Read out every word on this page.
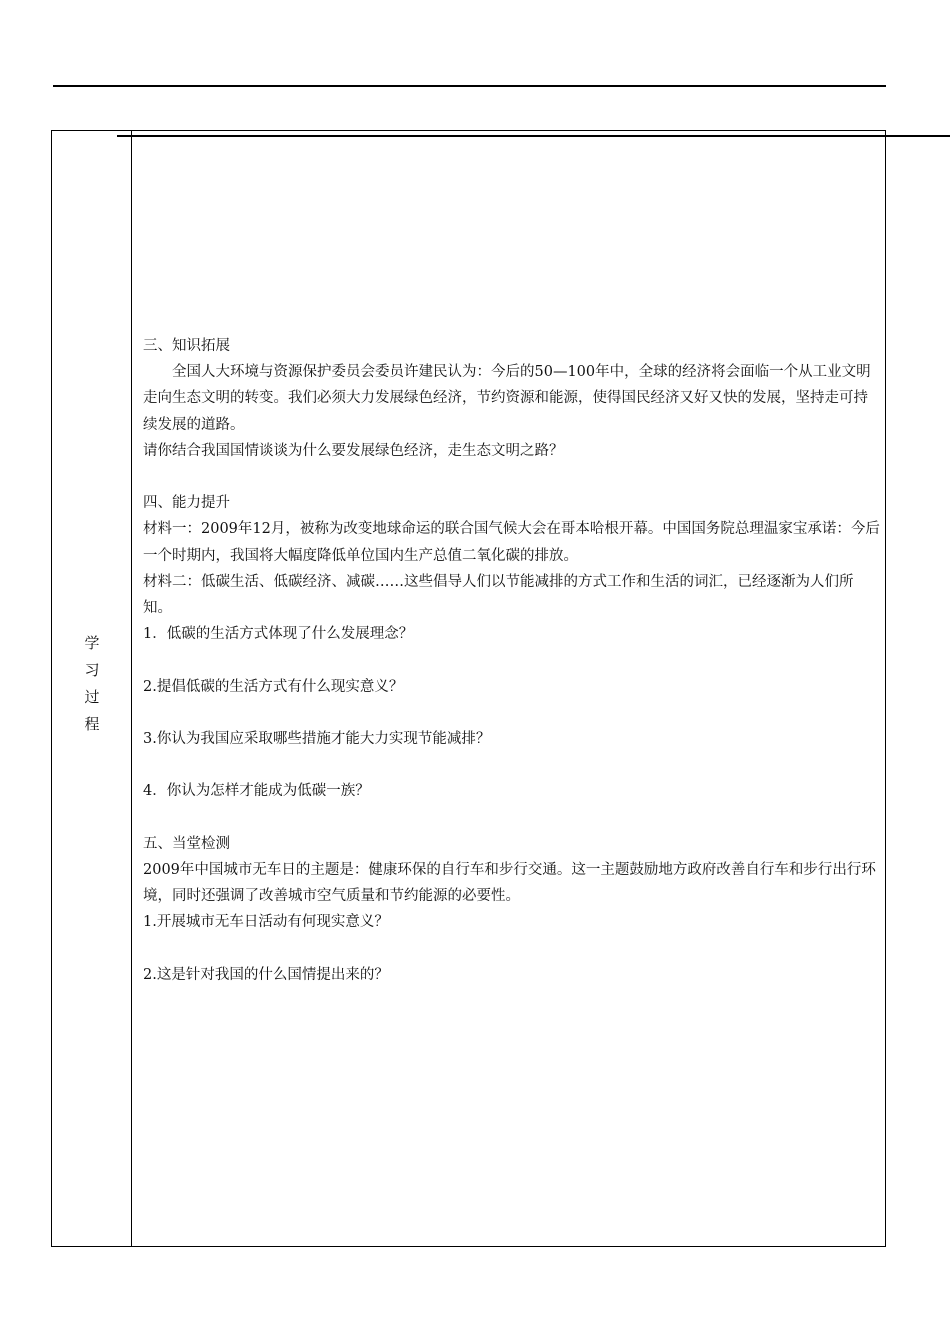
学
习
过
程

三、知识拓展

全国人大环境与资源保护委员会委员许建民认为：今后的50—100年中，全球的经济将会面临一个从工业文明走向生态文明的转变。我们必须大力发展绿色经济，节约资源和能源，使得国民经济又好又快的发展，坚持走可持续发展的道路。

请你结合我国国情谈谈为什么要发展绿色经济，走生态文明之路？

四、能力提升

材料一：2009年12月，被称为改变地球命运的联合国气候大会在哥本哈根开幕。中国国务院总理温家宝承诺：今后一个时期内，我国将大幅度降低单位国内生产总值二氧化碳的排放。

材料二：低碳生活、低碳经济、减碳……这些倡导人们以节能减排的方式工作和生活的词汇，已经逐渐为人们所知。

1．低碳的生活方式体现了什么发展理念？

2.提倡低碳的生活方式有什么现实意义？

3.你认为我国应采取哪些措施才能大力实现节能减排？

4．你认为怎样才能成为低碳一族？

五、当堂检测

2009年中国城市无车日的主题是：健康环保的自行车和步行交通。这一主题鼓励地方政府改善自行车和步行出行环境，同时还强调了改善城市空气质量和节约能源的必要性。

1.开展城市无车日活动有何现实意义？

2.这是针对我国的什么国情提出来的？
